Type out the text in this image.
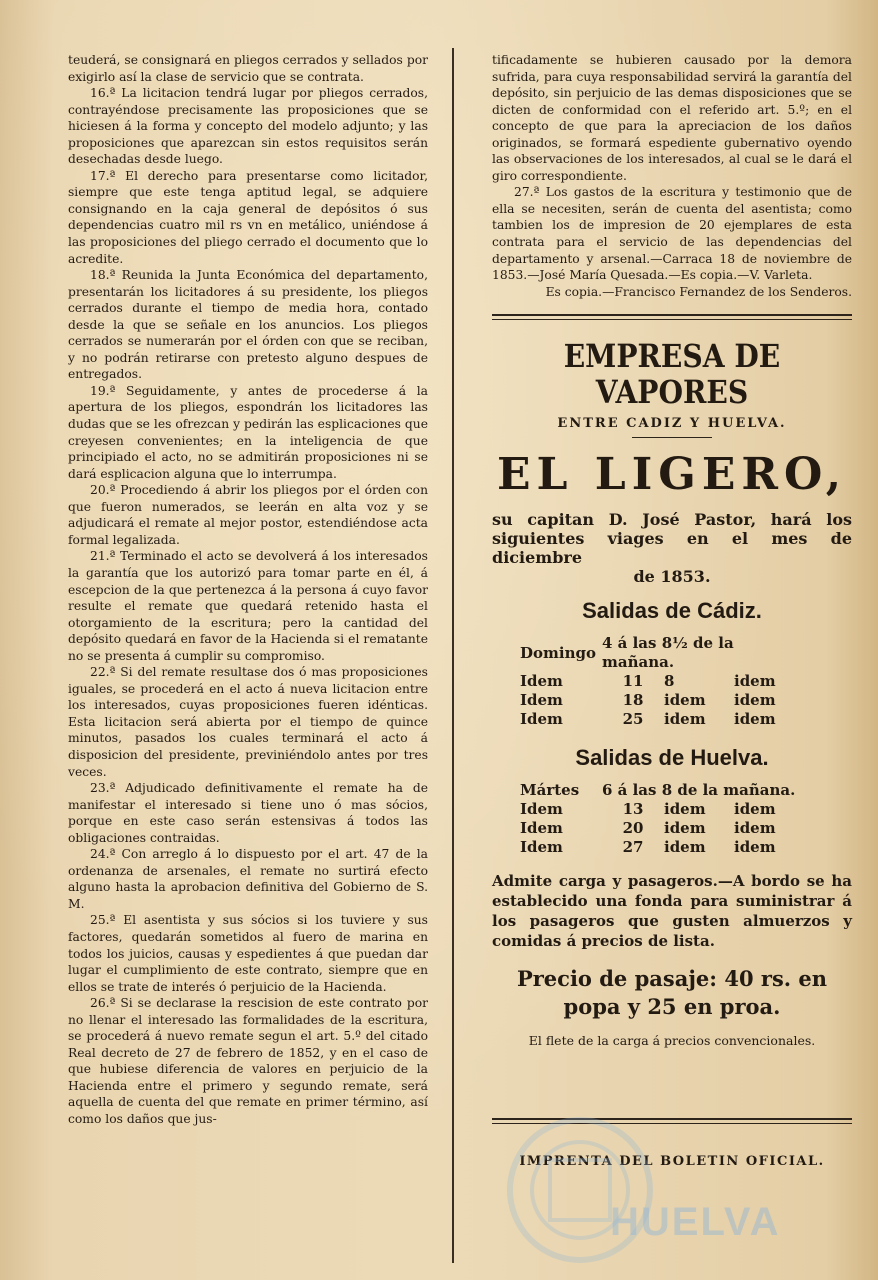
teuderá, se consignará en pliegos cerrados y sellados por exigirlo así la clase de servicio que se contrata.

16.ª La licitacion tendrá lugar por pliegos cerrados, contrayéndose precisamente las proposiciones que se hiciesen á la forma y concepto del modelo adjunto; y las proposiciones que aparezcan sin estos requisitos serán desechadas desde luego.

17.ª El derecho para presentarse como licitador, siempre que este tenga aptitud legal, se adquiere consignando en la caja general de depósitos ó sus dependencias cuatro mil rs vn en metálico, uniéndose á las proposiciones del pliego cerrado el documento que lo acredite.

18.ª Reunida la Junta Económica del departamento, presentarán los licitadores á su presidente, los pliegos cerrados durante el tiempo de media hora, contado desde la que se señale en los anuncios. Los pliegos cerrados se numerarán por el órden con que se reciban, y no podrán retirarse con pretesto alguno despues de entregados.

19.ª Seguidamente, y antes de procederse á la apertura de los pliegos, espondrán los licitadores las dudas que se les ofrezcan y pedirán las esplicaciones que creyesen convenientes; en la inteligencia de que principiado el acto, no se admitirán proposiciones ni se dará esplicacion alguna que lo interrumpa.

20.ª Procediendo á abrir los pliegos por el órden con que fueron numerados, se leerán en alta voz y se adjudicará el remate al mejor postor, estendiéndose acta formal legalizada.

21.ª Terminado el acto se devolverá á los interesados la garantía que los autorizó para tomar parte en él, á escepcion de la que pertenezca á la persona á cuyo favor resulte el remate que quedará retenido hasta el otorgamiento de la escritura; pero la cantidad del depósito quedará en favor de la Hacienda si el rematante no se presenta á cumplir su compromiso.

22.ª Si del remate resultase dos ó mas proposiciones iguales, se procederá en el acto á nueva licitacion entre los interesados, cuyas proposiciones fueren idénticas. Esta licitacion será abierta por el tiempo de quince minutos, pasados los cuales terminará el acto á disposicion del presidente, previniéndolo antes por tres veces.

23.ª Adjudicado definitivamente el remate ha de manifestar el interesado si tiene uno ó mas sócios, porque en este caso serán estensivas á todos las obligaciones contraidas.

24.ª Con arreglo á lo dispuesto por el art. 47 de la ordenanza de arsenales, el remate no surtirá efecto alguno hasta la aprobacion definitiva del Gobierno de S. M.

25.ª El asentista y sus sócios si los tuviere y sus factores, quedarán sometidos al fuero de marina en todos los juicios, causas y espedientes á que puedan dar lugar el cumplimiento de este contrato, siempre que en ellos se trate de interés ó perjuicio de la Hacienda.

26.ª Si se declarase la rescision de este contrato por no llenar el interesado las formalidades de la escritura, se procederá á nuevo remate segun el art. 5.º del citado Real decreto de 27 de febrero de 1852, y en el caso de que hubiese diferencia de valores en perjuicio de la Hacienda entre el primero y segundo remate, será aquella de cuenta del que remate en primer término, así como los daños que jus-

tificadamente se hubieren causado por la demora sufrida, para cuya responsabilidad servirá la garantía del depósito, sin perjuicio de las demas disposiciones que se dicten de conformidad con el referido art. 5.º; en el concepto de que para la apreciacion de los daños originados, se formará espediente gubernativo oyendo las observaciones de los interesados, al cual se le dará el giro correspondiente.

27.ª Los gastos de la escritura y testimonio que de ella se necesiten, serán de cuenta del asentista; como tambien los de impresion de 20 ejemplares de esta contrata para el servicio de las dependencias del departamento y arsenal.—Carraca 18 de noviembre de 1853.—José María Quesada.—Es copia.—V. Varleta.

Es copia.—Francisco Fernandez de los Senderos.

EMPRESA DE VAPORES
ENTRE CADIZ Y HUELVA.
EL LIGERO,
su capitan D. José Pastor, hará los siguientes viages en el mes de diciembre
de 1853.
Salidas de Cádiz.
Domingo	4 á las 8½ de la mañana.		
Idem	11	8	idem
Idem	18	idem	idem
Idem	25	idem	idem
Salidas de Huelva.
Mártes	6 á las 8 de la mañana.		
Idem	13	idem	idem
Idem	20	idem	idem
Idem	27	idem	idem
Admite carga y pasageros.—A bordo se ha establecido una fonda para suministrar á los pasageros que gusten almuerzos y comidas á precios de lista.
Precio de pasaje: 40 rs. en popa y 25 en proa.
El flete de la carga á precios convencionales.
IMPRENTA DEL BOLETIN OFICIAL.
HUELVA
